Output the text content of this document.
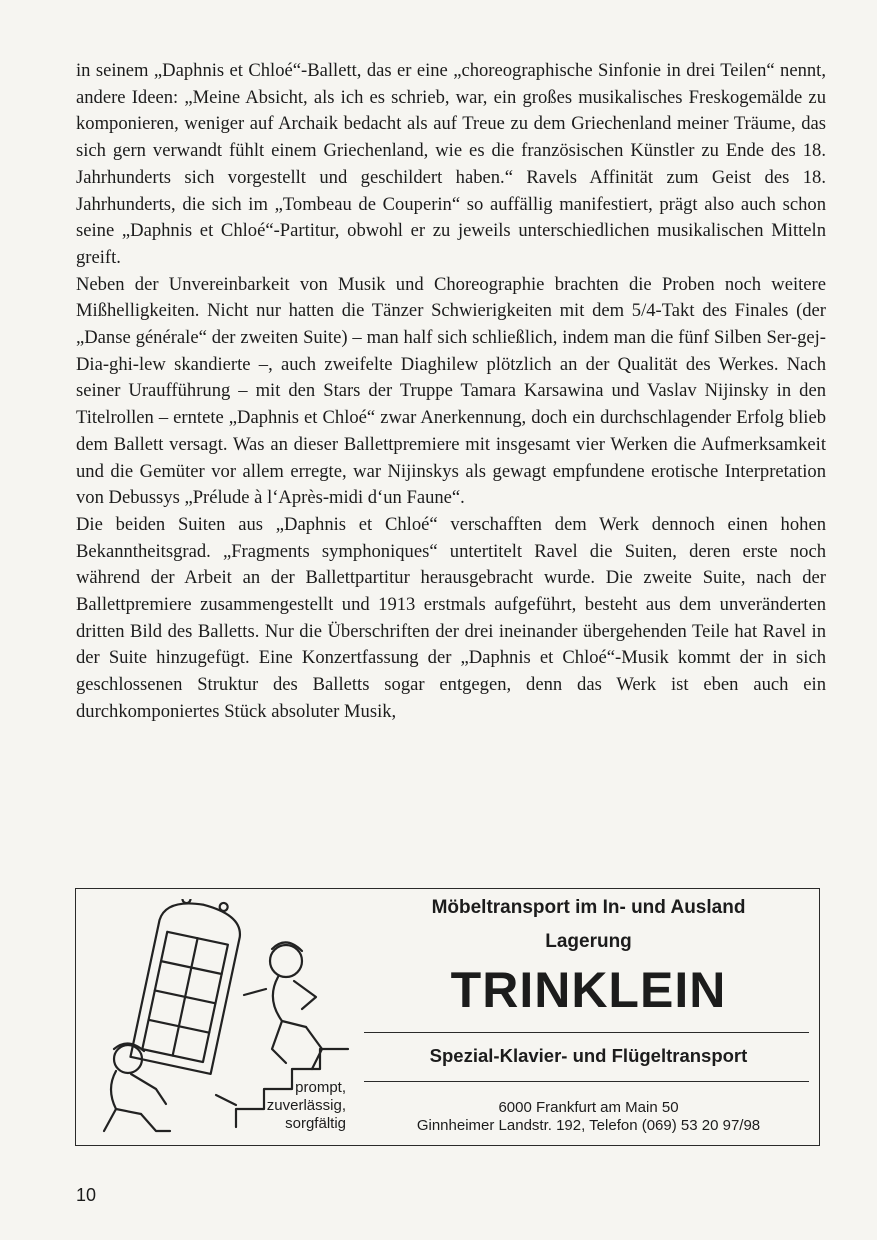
in seinem „Daphnis et Chloé“-Ballett, das er eine „choreographische Sinfonie in drei Teilen“ nennt, andere Ideen: „Meine Absicht, als ich es schrieb, war, ein großes musikalisches Freskogemälde zu komponieren, weniger auf Archaik bedacht als auf Treue zu dem Griechenland meiner Träume, das sich gern verwandt fühlt einem Griechenland, wie es die französischen Künstler zu Ende des 18. Jahrhunderts sich vorgestellt und geschildert haben.“ Ravels Affinität zum Geist des 18. Jahrhunderts, die sich im „Tombeau de Couperin“ so auffällig manifestiert, prägt also auch schon seine „Daphnis et Chloé“-Partitur, obwohl er zu jeweils unterschiedlichen musikalischen Mitteln greift.

Neben der Unvereinbarkeit von Musik und Choreographie brachten die Proben noch weitere Mißhelligkeiten. Nicht nur hatten die Tänzer Schwierigkeiten mit dem 5/4-Takt des Finales (der „Danse générale“ der zweiten Suite) – man half sich schließlich, indem man die fünf Silben Ser-gej-Dia-ghi-lew skandierte –, auch zweifelte Diaghilew plötzlich an der Qualität des Werkes. Nach seiner Uraufführung – mit den Stars der Truppe Tamara Karsawina und Vaslav Nijinsky in den Titelrollen – erntete „Daphnis et Chloé“ zwar Anerkennung, doch ein durchschlagender Erfolg blieb dem Ballett versagt. Was an dieser Ballettpremiere mit insgesamt vier Werken die Aufmerksamkeit und die Gemüter vor allem erregte, war Nijinskys als gewagt empfundene erotische Interpretation von Debussys „Prélude à l‘Après-midi d‘un Faune“.

Die beiden Suiten aus „Daphnis et Chloé“ verschafften dem Werk dennoch einen hohen Bekanntheitsgrad. „Fragments symphoniques“ untertitelt Ravel die Suiten, deren erste noch während der Arbeit an der Ballettpartitur herausgebracht wurde. Die zweite Suite, nach der Ballettpremiere zusammengestellt und 1913 erstmals aufgeführt, besteht aus dem unveränderten dritten Bild des Balletts. Nur die Überschriften der drei ineinander übergehenden Teile hat Ravel in der Suite hinzugefügt. Eine Konzertfassung der „Daphnis et Chloé“-Musik kommt der in sich geschlossenen Struktur des Balletts sogar entgegen, denn das Werk ist eben auch ein durchkomponiertes Stück absoluter Musik,

prompt,
zuverlässig,
sorgfältig
Möbeltransport im In- und Ausland
Lagerung
TRINKLEIN
Spezial-Klavier- und Flügeltransport
6000 Frankfurt am Main 50
Ginnheimer Landstr. 192, Telefon (069) 53 20 97/98
10
